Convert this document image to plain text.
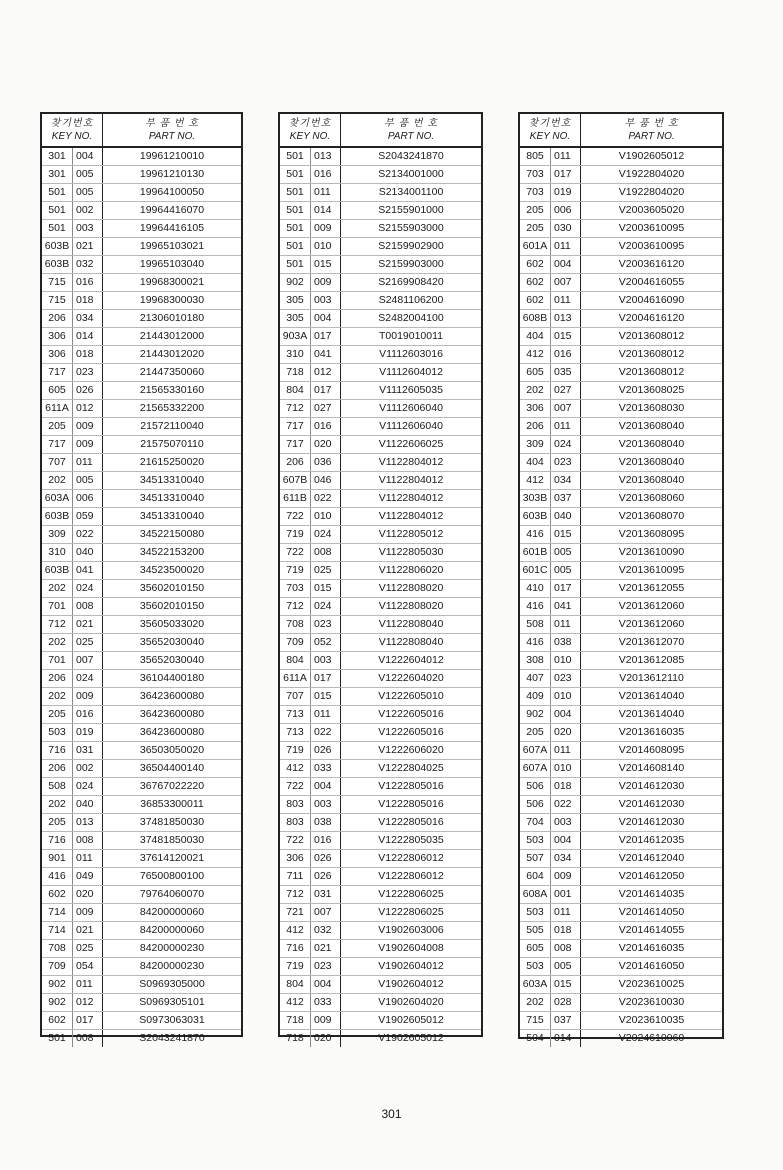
찾기번호
KEY NO.
부 품 번 호
PART NO.
301 004	19961210010
301 005	19961210130
501 005	19964100050
501 002	19964416070
501 003	19964416105
603B 021	19965103021
603B 032	19965103040
715 016	19968300021
715 018	19968300030
206 034	21306010180
306 014	21443012000
306 018	21443012020
717 023	21447350060
605 026	21565330160
611A 012	21565332200
205 009	21572110040
717 009	21575070110
707 011	21615250020
202 005	34513310040
603A 006	34513310040
603B 059	34513310040
309 022	34522150080
310 040	34522153200
603B 041	34523500020
202 024	35602010150
701 008	35602010150
712 021	35605033020
202 025	35652030040
701 007	35652030040
206 024	36104400180
202 009	36423600080
205 016	36423600080
503 019	36423600080
716 031	36503050020
206 002	36504400140
508 024	36767022220
202 040	36853300011
205 013	37481850030
716 008	37481850030
901 011	37614120021
416 049	76500800100
602 020	79764060070
714 009	84200000060
714 021	84200000060
708 025	84200000230
709 054	84200000230
902 011	S0969305000
902 012	S0969305101
602 017	S0973063031
501 008	S2043241870
찾기번호
KEY NO.
부 품 번 호
PART NO.
501 013	S2043241870
501 016	S2134001000
501 011	S2134001100
501 014	S2155901000
501 009	S2155903000
501 010	S2159902900
501 015	S2159903000
902 009	S2169908420
305 003	S2481106200
305 004	S2482004100
903A 017	T0019010011
310 041	V1112603016
718 012	V1112604012
804 017	V1112605035
712 027	V1112606040
717 016	V1112606040
717 020	V1122606025
206 036	V1122804012
607B 046	V1122804012
611B 022	V1122804012
722 010	V1122804012
719 024	V1122805012
722 008	V1122805030
719 025	V1122806020
703 015	V1122808020
712 024	V1122808020
708 023	V1122808040
709 052	V1122808040
804 003	V1222604012
611A 017	V1222604020
707 015	V1222605010
713 011	V1222605016
713 022	V1222605016
719 026	V1222606020
412 033	V1222804025
722 004	V1222805016
803 003	V1222805016
803 038	V1222805016
722 016	V1222805035
306 026	V1222806012
711	026	V1222806012
712 031	V1222806025
721 007	V1222806025
412 032	V1902603006
716 021	V1902604008
719 023	V1902604012
804 004	V1902604012
412 033	V1902604020
718 009	V1902605012
718 020	V1902605012
찾기번호
KEY NO.
부 품 번 호
PART NO.
805 011	V1902605012
703 017	V1922804020
703 019	V1922804020
205 006	V2003605020
205 030	V2003610095
601A 011	V2003610095
602 004	V2003616120
602 007	V2004616055
602 011	V2004616090
608B 013	V2004616120
404 015	V2013608012
412 016	V2013608012
605 035	V2013608012
202 027	V2013608025
306 007	V2013608030
206 011	V2013608040
309 024	V2013608040
404 023	V2013608040
412 034	V2013608040
303B 037	V2013608060
603B 040	V2013608070
416 015	V2013608095
601B 005	V2013610090
601C 005	V2013610095
410 017	V2013612055
416 041	V2013612060
508 011	V2013612060
416 038	V2013612070
308 010	V2013612085
407 023	V2013612110
409 010	V2013614040
902 004	V2013614040
205 020	V2013616035
607A 011	V2014608095
607A 010	V2014608140
506 018	V2014612030
506 022	V2014612030
704 003	V2014612030
503 004	V2014612035
507 034	V2014612040
604 009	V2014612050
608A 001	V2014614035
503 011	V2014614050
505 018	V2014614055
605 008	V2014616035
503 005	V2014616050
603A 015	V2023610025
202 028	V2023610030
715 037	V2023610035
504 014	V2024610060
301
